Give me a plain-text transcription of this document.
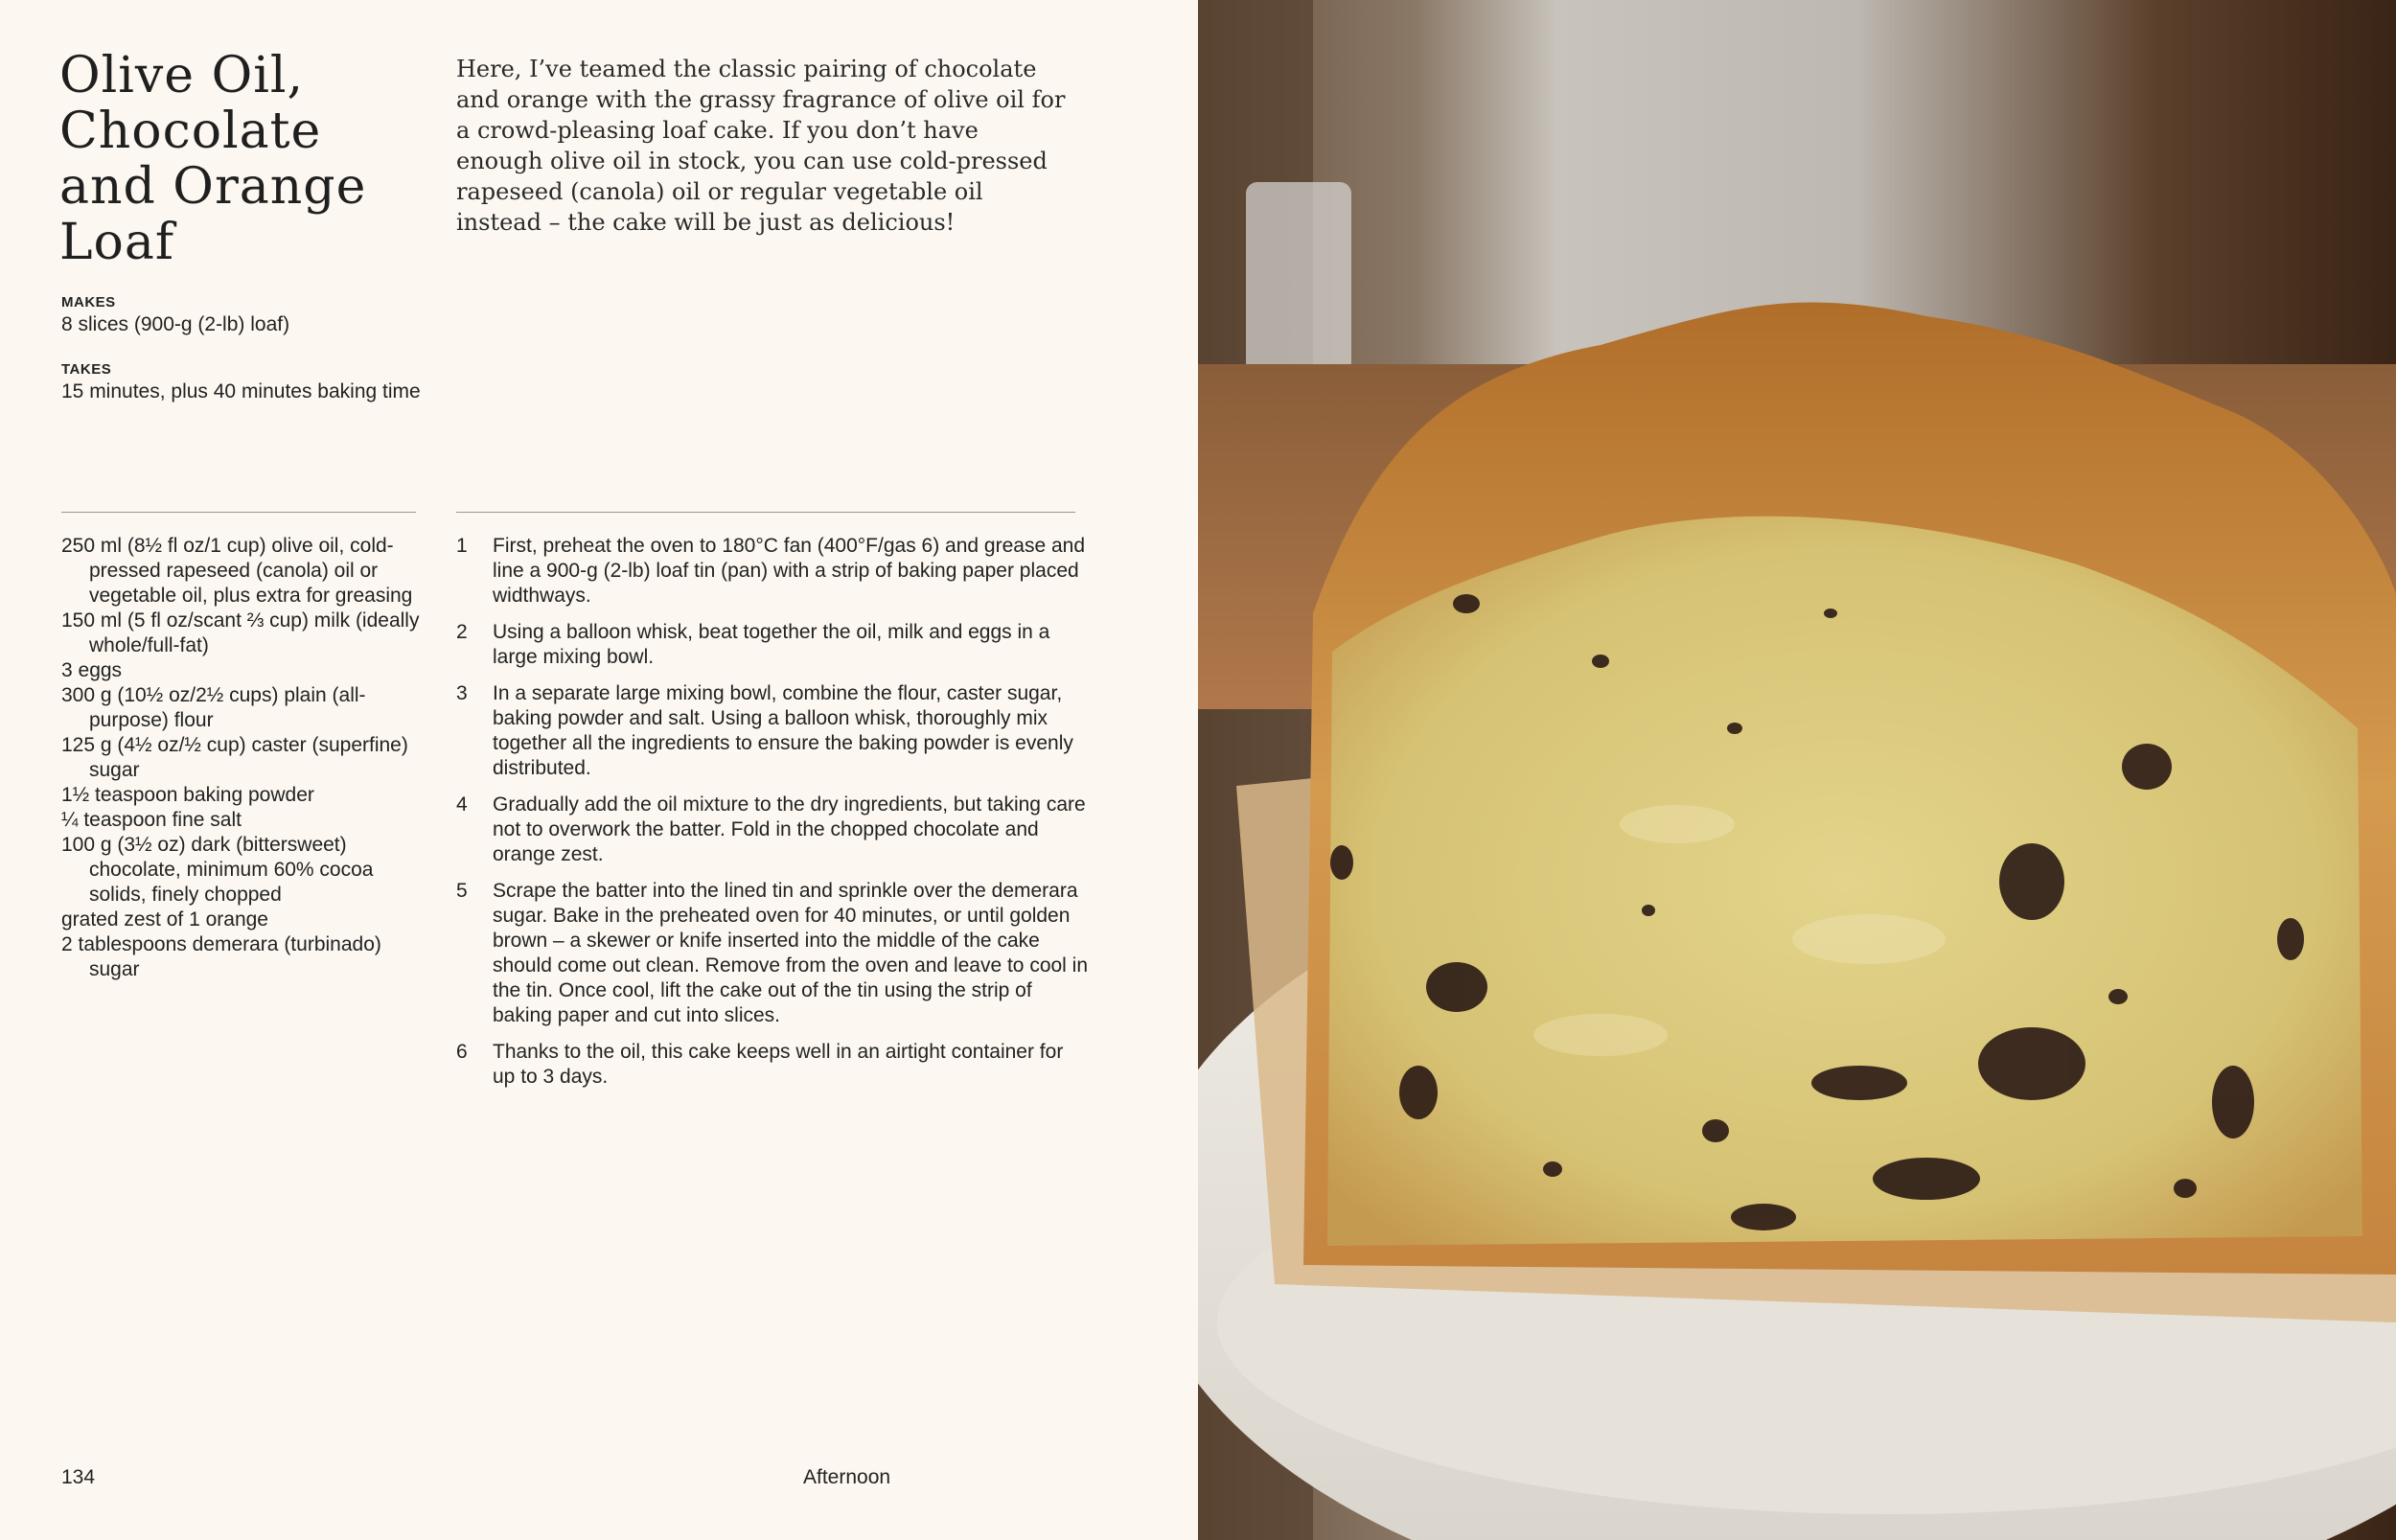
Olive Oil,
Chocolate
and Orange
Loaf

Here, I’ve teamed the classic pairing of chocolate and orange with the grassy fragrance of olive oil for a crowd-pleasing loaf cake. If you don’t have enough olive oil in stock, you can use cold-pressed rapeseed (canola) oil or regular vegetable oil instead – the cake will be just as delicious!

MAKES
8 slices (900-g (2-lb) loaf)
TAKES
15 minutes, plus 40 minutes baking time
250 ml (8½ fl oz/1 cup) olive oil, cold-pressed rapeseed (canola) oil or vegetable oil, plus extra for greasing
150 ml (5 fl oz/scant ⅔ cup) milk (ideally whole/full-fat)
3 eggs
300 g (10½ oz/2½ cups) plain (all-purpose) flour
125 g (4½ oz/½ cup) caster (superfine) sugar
1½ teaspoon baking powder
¼ teaspoon fine salt
100 g (3½ oz) dark (bittersweet) chocolate, minimum 60% cocoa solids, finely chopped
grated zest of 1 orange
2 tablespoons demerara (turbinado) sugar
1 First, preheat the oven to 180°C fan (400°F/gas 6) and grease and line a 900-g (2-lb) loaf tin (pan) with a strip of baking paper placed widthways.
2 Using a balloon whisk, beat together the oil, milk and eggs in a large mixing bowl.
3 In a separate large mixing bowl, combine the flour, caster sugar, baking powder and salt. Using a balloon whisk, thoroughly mix together all the ingredients to ensure the baking powder is evenly distributed.
4 Gradually add the oil mixture to the dry ingredients, but taking care not to overwork the batter. Fold in the chopped chocolate and orange zest.
5 Scrape the batter into the lined tin and sprinkle over the demerara sugar. Bake in the preheated oven for 40 minutes, or until golden brown – a skewer or knife inserted into the middle of the cake should come out clean. Remove from the oven and leave to cool in the tin. Once cool, lift the cake out of the tin using the strip of baking paper and cut into slices.
6 Thanks to the oil, this cake keeps well in an airtight container for up to 3 days.
134	Afternoon
